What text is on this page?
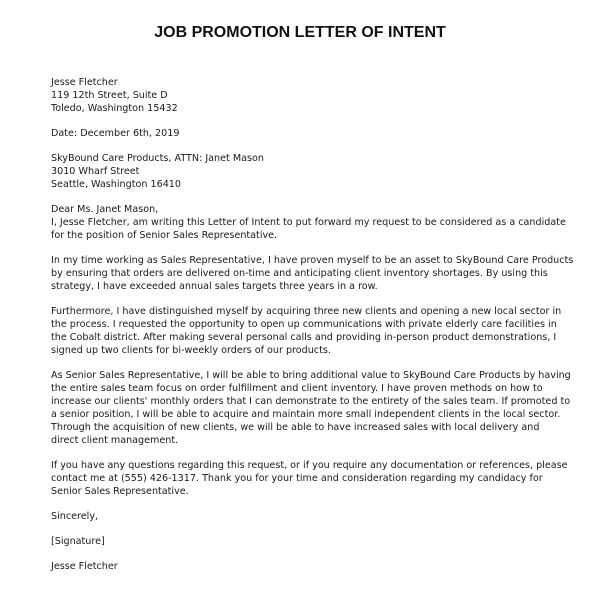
JOB PROMOTION LETTER OF INTENT
Jesse Fletcher
119 12th Street, Suite D
Toledo, Washington 15432
Date: December 6th, 2019
SkyBound Care Products, ATTN: Janet Mason
3010 Wharf Street
Seattle, Washington 16410
Dear Ms. Janet Mason,
I, Jesse Fletcher, am writing this Letter of Intent to put forward my request to be considered as a candidate
for the position of Senior Sales Representative.
In my time working as Sales Representative, I have proven myself to be an asset to SkyBound Care Products
by ensuring that orders are delivered on-time and anticipating client inventory shortages. By using this
strategy, I have exceeded annual sales targets three years in a row.
Furthermore, I have distinguished myself by acquiring three new clients and opening a new local sector in
the process. I requested the opportunity to open up communications with private elderly care facilities in
the Cobalt district. After making several personal calls and providing in-person product demonstrations, I
signed up two clients for bi-weekly orders of our products.
As Senior Sales Representative, I will be able to bring additional value to SkyBound Care Products by having
the entire sales team focus on order fulfillment and client inventory. I have proven methods on how to
increase our clients' monthly orders that I can demonstrate to the entirety of the sales team. If promoted to
a senior position, I will be able to acquire and maintain more small independent clients in the local sector.
Through the acquisition of new clients, we will be able to have increased sales with local delivery and
direct client management.
If you have any questions regarding this request, or if you require any documentation or references, please
contact me at (555) 426-1317. Thank you for your time and consideration regarding my candidacy for
Senior Sales Representative.
Sincerely,
[Signature]
Jesse Fletcher
